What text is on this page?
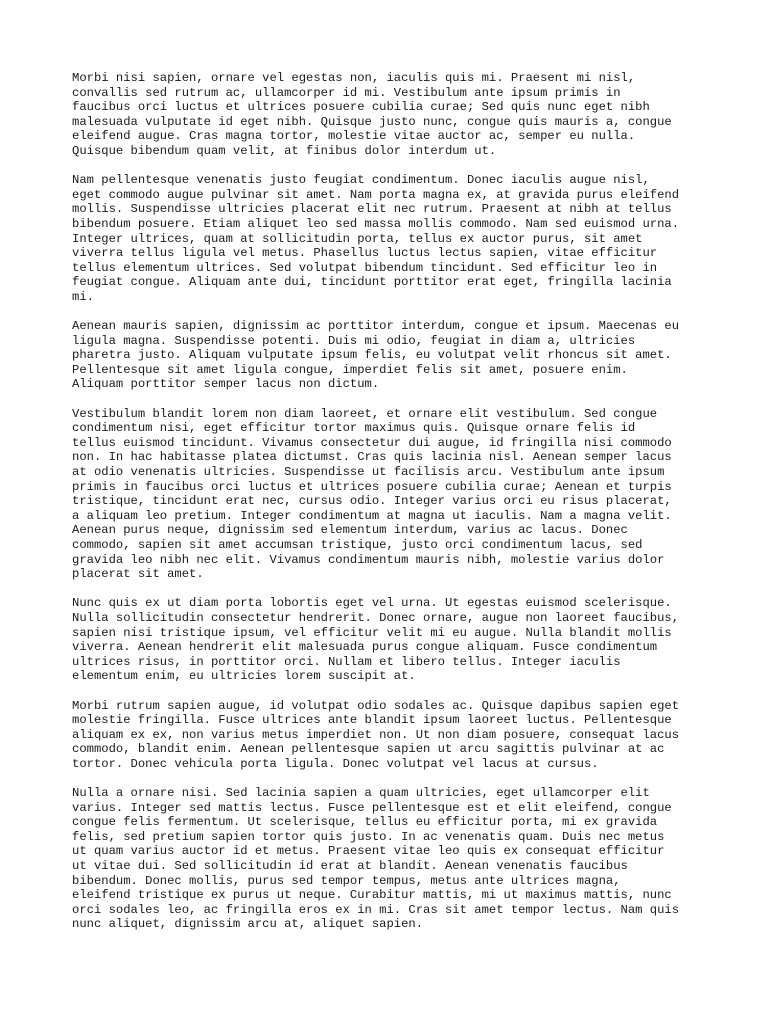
Morbi nisi sapien, ornare vel egestas non, iaculis quis mi. Praesent mi nisl,
convallis sed rutrum ac, ullamcorper id mi. Vestibulum ante ipsum primis in
faucibus orci luctus et ultrices posuere cubilia curae; Sed quis nunc eget nibh
malesuada vulputate id eget nibh. Quisque justo nunc, congue quis mauris a, congue
eleifend augue. Cras magna tortor, molestie vitae auctor ac, semper eu nulla.
Quisque bibendum quam velit, at finibus dolor interdum ut.

Nam pellentesque venenatis justo feugiat condimentum. Donec iaculis augue nisl,
eget commodo augue pulvinar sit amet. Nam porta magna ex, at gravida purus eleifend
mollis. Suspendisse ultricies placerat elit nec rutrum. Praesent at nibh at tellus
bibendum posuere. Etiam aliquet leo sed massa mollis commodo. Nam sed euismod urna.
Integer ultrices, quam at sollicitudin porta, tellus ex auctor purus, sit amet
viverra tellus ligula vel metus. Phasellus luctus lectus sapien, vitae efficitur
tellus elementum ultrices. Sed volutpat bibendum tincidunt. Sed efficitur leo in
feugiat congue. Aliquam ante dui, tincidunt porttitor erat eget, fringilla lacinia
mi.

Aenean mauris sapien, dignissim ac porttitor interdum, congue et ipsum. Maecenas eu
ligula magna. Suspendisse potenti. Duis mi odio, feugiat in diam a, ultricies
pharetra justo. Aliquam vulputate ipsum felis, eu volutpat velit rhoncus sit amet.
Pellentesque sit amet ligula congue, imperdiet felis sit amet, posuere enim.
Aliquam porttitor semper lacus non dictum.

Vestibulum blandit lorem non diam laoreet, et ornare elit vestibulum. Sed congue
condimentum nisi, eget efficitur tortor maximus quis. Quisque ornare felis id
tellus euismod tincidunt. Vivamus consectetur dui augue, id fringilla nisi commodo
non. In hac habitasse platea dictumst. Cras quis lacinia nisl. Aenean semper lacus
at odio venenatis ultricies. Suspendisse ut facilisis arcu. Vestibulum ante ipsum
primis in faucibus orci luctus et ultrices posuere cubilia curae; Aenean et turpis
tristique, tincidunt erat nec, cursus odio. Integer varius orci eu risus placerat,
a aliquam leo pretium. Integer condimentum at magna ut iaculis. Nam a magna velit.
Aenean purus neque, dignissim sed elementum interdum, varius ac lacus. Donec
commodo, sapien sit amet accumsan tristique, justo orci condimentum lacus, sed
gravida leo nibh nec elit. Vivamus condimentum mauris nibh, molestie varius dolor
placerat sit amet.

Nunc quis ex ut diam porta lobortis eget vel urna. Ut egestas euismod scelerisque.
Nulla sollicitudin consectetur hendrerit. Donec ornare, augue non laoreet faucibus,
sapien nisi tristique ipsum, vel efficitur velit mi eu augue. Nulla blandit mollis
viverra. Aenean hendrerit elit malesuada purus congue aliquam. Fusce condimentum
ultrices risus, in porttitor orci. Nullam et libero tellus. Integer iaculis
elementum enim, eu ultricies lorem suscipit at.

Morbi rutrum sapien augue, id volutpat odio sodales ac. Quisque dapibus sapien eget
molestie fringilla. Fusce ultrices ante blandit ipsum laoreet luctus. Pellentesque
aliquam ex ex, non varius metus imperdiet non. Ut non diam posuere, consequat lacus
commodo, blandit enim. Aenean pellentesque sapien ut arcu sagittis pulvinar at ac
tortor. Donec vehicula porta ligula. Donec volutpat vel lacus at cursus.

Nulla a ornare nisi. Sed lacinia sapien a quam ultricies, eget ullamcorper elit
varius. Integer sed mattis lectus. Fusce pellentesque est et elit eleifend, congue
congue felis fermentum. Ut scelerisque, tellus eu efficitur porta, mi ex gravida
felis, sed pretium sapien tortor quis justo. In ac venenatis quam. Duis nec metus
ut quam varius auctor id et metus. Praesent vitae leo quis ex consequat efficitur
ut vitae dui. Sed sollicitudin id erat at blandit. Aenean venenatis faucibus
bibendum. Donec mollis, purus sed tempor tempus, metus ante ultrices magna,
eleifend tristique ex purus ut neque. Curabitur mattis, mi ut maximus mattis, nunc
orci sodales leo, ac fringilla eros ex in mi. Cras sit amet tempor lectus. Nam quis
nunc aliquet, dignissim arcu at, aliquet sapien.
